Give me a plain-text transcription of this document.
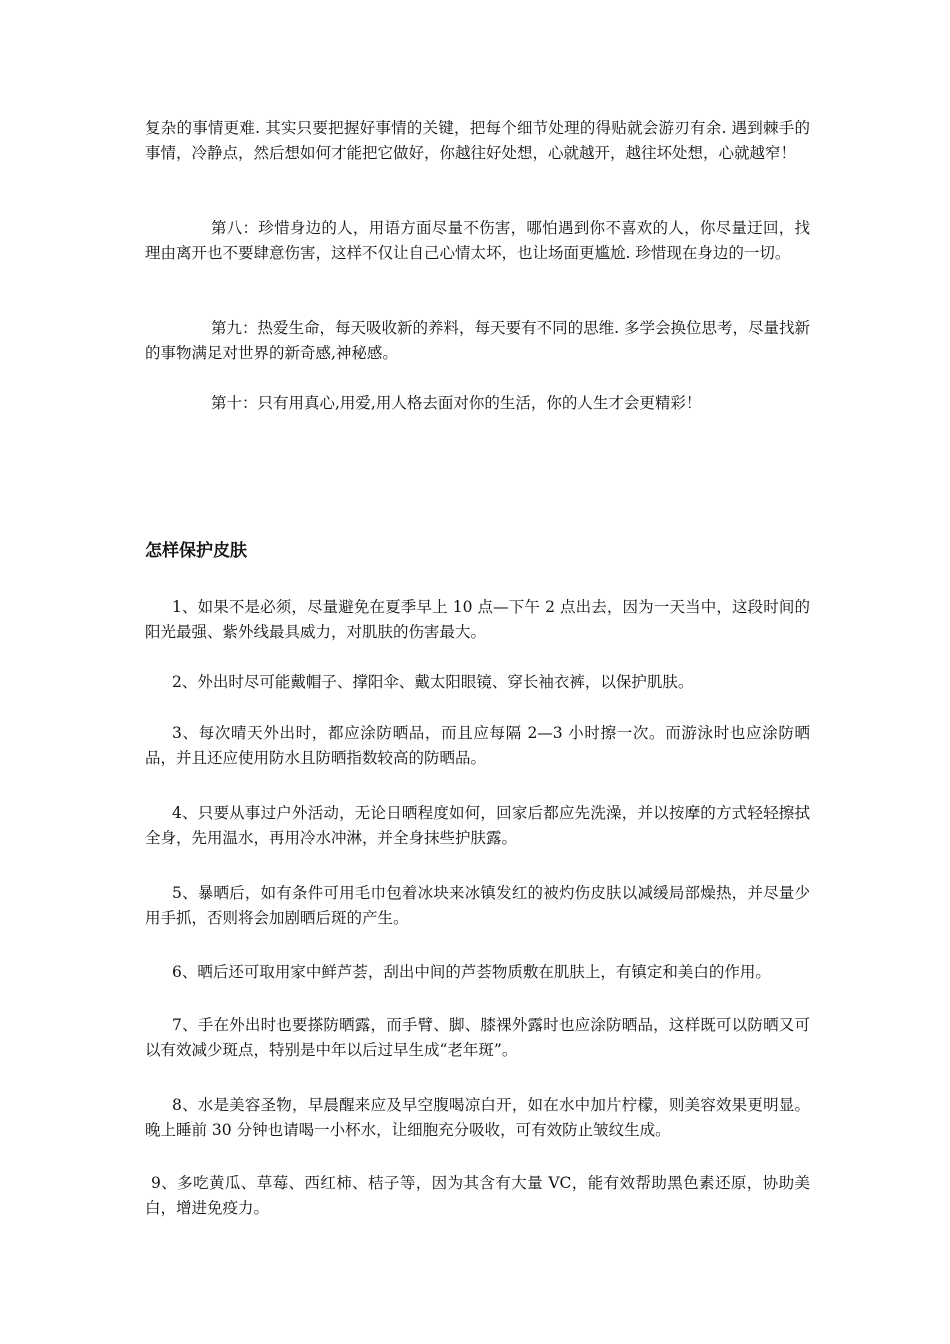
复杂的事情更难. 其实只要把握好事情的关键，把每个细节处理的得贴就会游刃有余. 遇到棘手的事情，冷静点，然后想如何才能把它做好，你越往好处想，心就越开，越往坏处想，心就越窄！

第八：珍惜身边的人，用语方面尽量不伤害，哪怕遇到你不喜欢的人，你尽量迂回，找理由离开也不要肆意伤害，这样不仅让自己心情太坏，也让场面更尴尬. 珍惜现在身边的一切。

第九：热爱生命，每天吸收新的养料，每天要有不同的思维. 多学会换位思考，尽量找新的事物满足对世界的新奇感,神秘感。

第十：只有用真心,用爱,用人格去面对你的生活，你的人生才会更精彩！

怎样保护皮肤

1、如果不是必须，尽量避免在夏季早上 10 点—下午 2 点出去，因为一天当中，这段时间的阳光最强、紫外线最具威力，对肌肤的伤害最大。

2、外出时尽可能戴帽子、撑阳伞、戴太阳眼镜、穿长袖衣裤，以保护肌肤。

3、每次晴天外出时，都应涂防晒品，而且应每隔 2—3 小时擦一次。而游泳时也应涂防晒品，并且还应使用防水且防晒指数较高的防晒品。

4、只要从事过户外活动，无论日晒程度如何，回家后都应先洗澡，并以按摩的方式轻轻擦拭全身，先用温水，再用冷水冲淋，并全身抹些护肤露。

5、暴晒后，如有条件可用毛巾包着冰块来冰镇发红的被灼伤皮肤以减缓局部燥热，并尽量少用手抓，否则将会加剧晒后斑的产生。

6、晒后还可取用家中鲜芦荟，刮出中间的芦荟物质敷在肌肤上，有镇定和美白的作用。

7、手在外出时也要搽防晒露，而手臂、脚、膝裸外露时也应涂防晒品，这样既可以防晒又可以有效减少斑点，特别是中年以后过早生成“老年斑”。

8、水是美容圣物，早晨醒来应及早空腹喝凉白开，如在水中加片柠檬，则美容效果更明显。晚上睡前 30 分钟也请喝一小杯水，让细胞充分吸收，可有效防止皱纹生成。

9、多吃黄瓜、草莓、西红柿、桔子等，因为其含有大量 VC，能有效帮助黑色素还原，协助美白，增进免疫力。
